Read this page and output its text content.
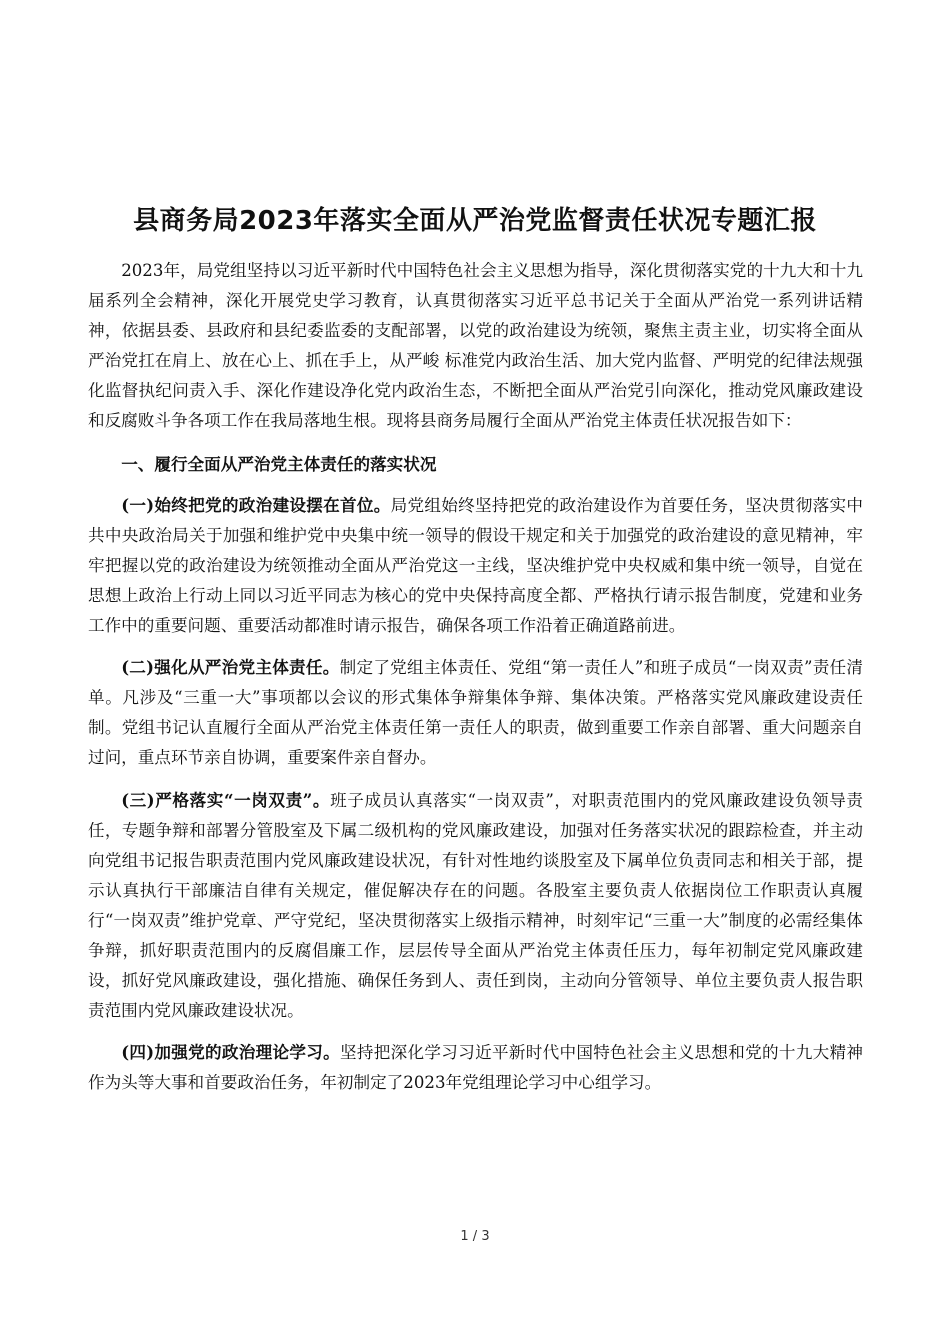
县商务局2023年落实全面从严治党监督责任状况专题汇报

2023年，局党组坚持以习近平新时代中国特色社会主义思想为指导，深化贯彻落实党的十九大和十九届系列全会精神，深化开展党史学习教育，认真贯彻落实习近平总书记关于全面从严治党一系列讲话精神，依据县委、县政府和县纪委监委的支配部署，以党的政治建设为统领，聚焦主责主业，切实将全面从严治党扛在肩上、放在心上、抓在手上，从严峻 标准党内政治生活、加大党内监督、严明党的纪律法规强化监督执纪问责入手、深化作建设净化党内政治生态，不断把全面从严治党引向深化，推动党风廉政建设和反腐败斗争各项工作在我局落地生根。现将县商务局履行全面从严治党主体责任状况报告如下：

一、履行全面从严治党主体责任的落实状况

(一)始终把党的政治建设摆在首位。局党组始终坚持把党的政治建设作为首要任务，坚决贯彻落实中共中央政治局关于加强和维护党中央集中统一领导的假设干规定和关于加强党的政治建设的意见精神，牢牢把握以党的政治建设为统领推动全面从严治党这一主线，坚决维护党中央权威和集中统一领导，自觉在思想上政治上行动上同以习近平同志为核心的党中央保持高度全都、严格执行请示报告制度，党建和业务工作中的重要问题、重要活动都准时请示报告，确保各项工作沿着正确道路前进。

(二)强化从严治党主体责任。制定了党组主体责任、党组“第一责任人”和班子成员“一岗双责”责任清单。凡涉及“三重一大”事项都以会议的形式集体争辩集体争辩、集体决策。严格落实党风廉政建设责任制。党组书记认直履行全面从严治党主体责任第一责任人的职责，做到重要工作亲自部署、重大问题亲自过问，重点环节亲自协调，重要案件亲自督办。

(三)严格落实“一岗双责”。班子成员认真落实“一岗双责”，对职责范围内的党风廉政建设负领导责任，专题争辩和部署分管股室及下属二级机构的党风廉政建设，加强对任务落实状况的跟踪检查，并主动向党组书记报告职责范围内党风廉政建设状况，有针对性地约谈股室及下属单位负责同志和相关于部，提示认真执行干部廉洁自律有关规定，催促解决存在的问题。各股室主要负责人依据岗位工作职责认真履行“一岗双责”维护党章、严守党纪，坚决贯彻落实上级指示精神，时刻牢记“三重一大”制度的必需经集体争辩，抓好职责范围内的反腐倡廉工作，层层传导全面从严治党主体责任压力，每年初制定党风廉政建设，抓好党风廉政建设，强化措施、确保任务到人、责任到岗，主动向分管领导、单位主要负责人报告职责范围内党风廉政建设状况。

(四)加强党的政治理论学习。坚持把深化学习习近平新时代中国特色社会主义思想和党的十九大精神作为头等大事和首要政治任务，年初制定了2023年党组理论学习中心组学习。

1 / 3
